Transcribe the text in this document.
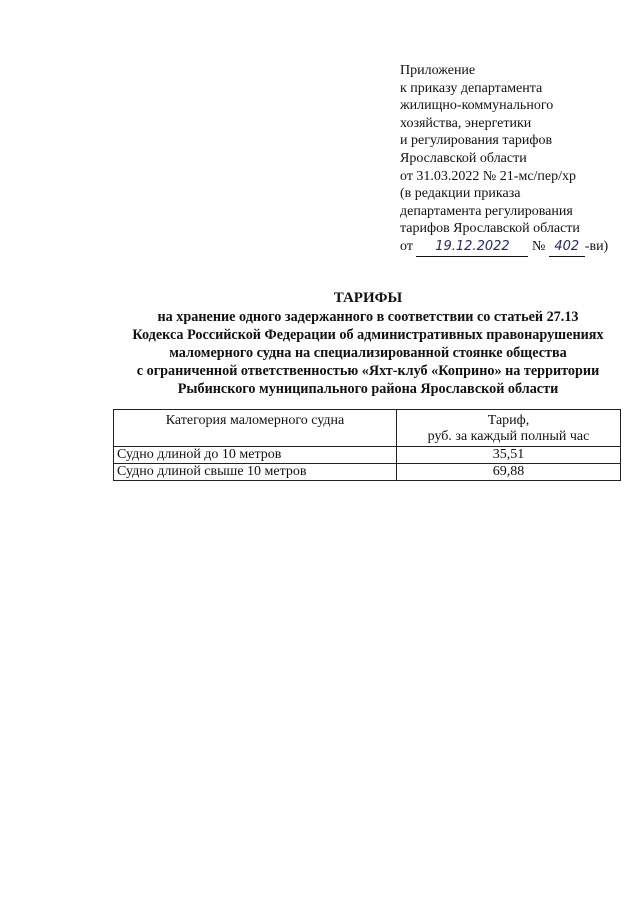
Приложение
к приказу департамента
жилищно-коммунального
хозяйства, энергетики
и регулирования тарифов
Ярославской области
от 31.03.2022 № 21-мс/пер/хр
(в редакции приказа
департамента регулирования
тарифов Ярославской области
от 19.12.2022 № 402 -ви)
ТАРИФЫ
на хранение одного задержанного в соответствии со статьей 27.13
Кодекса Российской Федерации об административных правонарушениях
маломерного судна на специализированной стоянке общества
с ограниченной ответственностью «Яхт-клуб «Коприно» на территории
Рыбинского муниципального района Ярославской области
Категория маломерного судна	Тариф,
руб. за каждый полный час

Судно длиной до 10 метров	35,51
Судно длиной свыше 10 метров	69,88
